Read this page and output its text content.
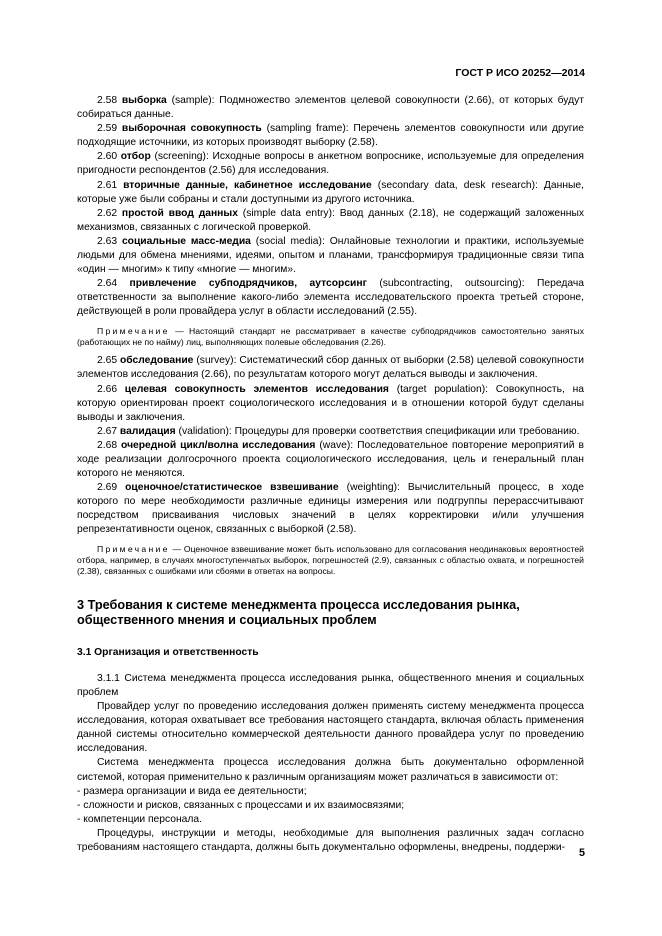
ГОСТ Р ИСО 20252—2014

2.58 выборка (sample): Подмножество элементов целевой совокупности (2.66), от которых будут собираться данные.

2.59 выборочная совокупность (sampling frame): Перечень элементов совокупности или другие подходящие источники, из которых производят выборку (2.58).

2.60 отбор (screening): Исходные вопросы в анкетном вопроснике, используемые для определения пригодности респондентов (2.56) для исследования.

2.61 вторичные данные, кабинетное исследование (secondary data, desk research): Данные, которые уже были собраны и стали доступными из другого источника.

2.62 простой ввод данных (simple data entry): Ввод данных (2.18), не содержащий заложенных механизмов, связанных с логической проверкой.

2.63 социальные масс-медиа (social media): Онлайновые технологии и практики, используемые людьми для обмена мнениями, идеями, опытом и планами, трансформируя традиционные связи типа «один — многим» к типу «многие — многим».

2.64 привлечение субподрядчиков, аутсорсинг (subcontracting, outsourcing): Передача ответственности за выполнение какого-либо элемента исследовательского проекта третьей стороне, действующей в роли провайдера услуг в области исследований (2.55).

Примечание — Настоящий стандарт не рассматривает в качестве субподрядчиков самостоятельно занятых (работающих не по найму) лиц, выполняющих полевые обследования (2.26).

2.65 обследование (survey): Систематический сбор данных от выборки (2.58) целевой совокупности элементов исследования (2.66), по результатам которого могут делаться выводы и заключения.

2.66 целевая совокупность элементов исследования (target population): Совокупность, на которую ориентирован проект социологического исследования и в отношении которой будут сделаны выводы и заключения.

2.67 валидация (validation): Процедуры для проверки соответствия спецификации или требованию.

2.68 очередной цикл/волна исследования (wave): Последовательное повторение мероприятий в ходе реализации долгосрочного проекта социологического исследования, цель и генеральный план которого не меняются.

2.69 оценочное/статистическое взвешивание (weighting): Вычислительный процесс, в ходе которого по мере необходимости различные единицы измерения или подгруппы перерассчитывают посредством присваивания числовых значений в целях корректировки и/или улучшения репрезентативности оценок, связанных с выборкой (2.58).

Примечание — Оценочное взвешивание может быть использовано для согласования неодинаковых вероятностей отбора, например, в случаях многоступенчатых выборок, погрешностей (2.9), связанных с областью охвата, и погрешностей (2.38), связанных с ошибками или сбоями в ответах на вопросы.

3 Требования к системе менеджмента процесса исследования рынка, общественного мнения и социальных проблем
3.1 Организация и ответственность

3.1.1 Система менеджмента процесса исследования рынка, общественного мнения и социальных проблем

Провайдер услуг по проведению исследования должен применять систему менеджмента процесса исследования, которая охватывает все требования настоящего стандарта, включая область применения данной системы относительно коммерческой деятельности данного провайдера услуг по проведению исследования.

Система менеджмента процесса исследования должна быть документально оформленной системой, которая применительно к различным организациям может различаться в зависимости от:

- размера организации и вида ее деятельности;

- сложности и рисков, связанных с процессами и их взаимосвязями;

- компетенции персонала.

Процедуры, инструкции и методы, необходимые для выполнения различных задач согласно требованиям настоящего стандарта, должны быть документально оформлены, внедрены, поддержи-	5
